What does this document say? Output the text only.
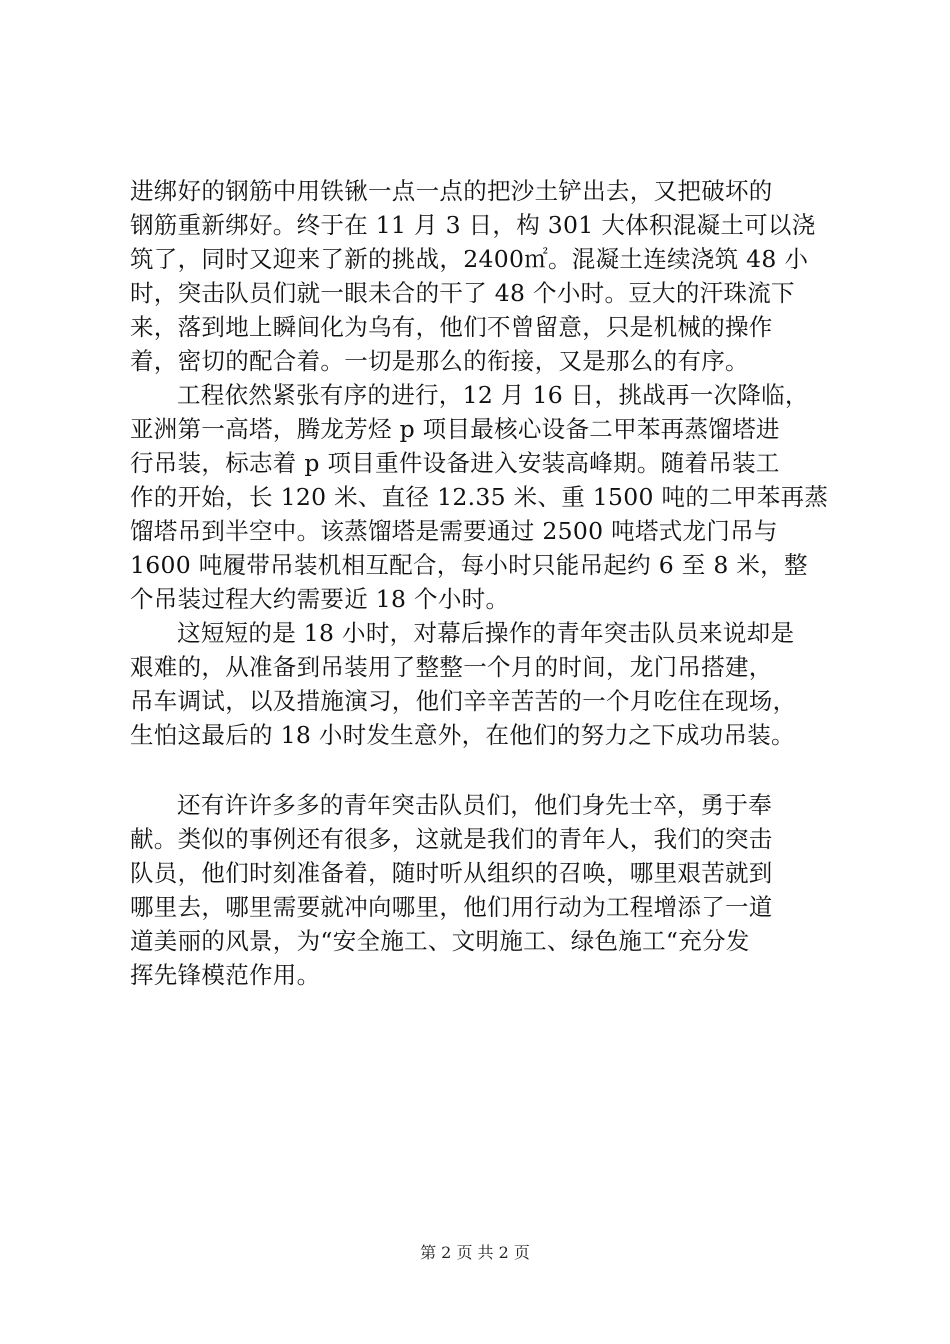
进绑好的钢筋中用铁锹一点一点的把沙土铲出去，又把破坏的
钢筋重新绑好。终于在 11 月 3 日，构 301 大体积混凝土可以浇
筑了，同时又迎来了新的挑战，2400㎡。混凝土连续浇筑 48 小
时，突击队员们就一眼未合的干了 48 个小时。豆大的汗珠流下
来，落到地上瞬间化为乌有，他们不曾留意，只是机械的操作
着，密切的配合着。一切是那么的衔接，又是那么的有序。

工程依然紧张有序的进行，12 月 16 日，挑战再一次降临，
亚洲第一高塔，腾龙芳烃 p 项目最核心设备二甲苯再蒸馏塔进
行吊装，标志着 p 项目重件设备进入安装高峰期。随着吊装工
作的开始，长 120 米、直径 12.35 米、重 1500 吨的二甲苯再蒸
馏塔吊到半空中。该蒸馏塔是需要通过 2500 吨塔式龙门吊与
1600 吨履带吊装机相互配合，每小时只能吊起约 6 至 8 米，整
个吊装过程大约需要近 18 个小时。

这短短的是 18 小时，对幕后操作的青年突击队员来说却是
艰难的，从准备到吊装用了整整一个月的时间，龙门吊搭建，
吊车调试，以及措施演习，他们辛辛苦苦的一个月吃住在现场，
生怕这最后的 18 小时发生意外，在他们的努力之下成功吊装。

还有许许多多的青年突击队员们，他们身先士卒，勇于奉
献。类似的事例还有很多，这就是我们的青年人，我们的突击
队员，他们时刻准备着，随时听从组织的召唤，哪里艰苦就到
哪里去，哪里需要就冲向哪里，他们用行动为工程增添了一道
道美丽的风景，为“安全施工、文明施工、绿色施工“充分发
挥先锋模范作用。

第 2 页 共 2 页
